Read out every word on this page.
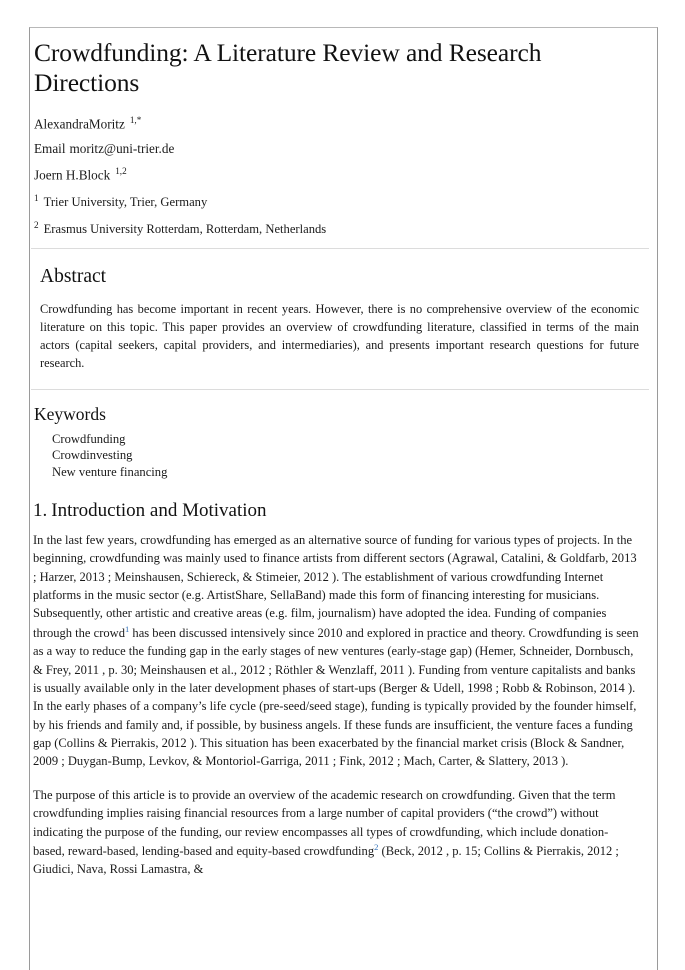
Crowdfunding: A Literature Review and Research Directions
AlexandraMoritz $^{1,*}$
Email moritz@uni-trier.de
Joern H.Block $^{1,2}$
$^1$ Trier University, Trier, Germany
$^2$ Erasmus University Rotterdam, Rotterdam, Netherlands
Abstract

Crowdfunding has become important in recent years. However, there is no comprehensive overview of the economic literature on this topic. This paper provides an overview of crowdfunding literature, classified in terms of the main actors (capital seekers, capital providers, and intermediaries), and presents important research questions for future research.

Keywords
Crowdfunding
Crowdinvesting
New venture financing
1. Introduction and Motivation

In the last few years, crowdfunding has emerged as an alternative source of funding for various types of projects. In the beginning, crowdfunding was mainly used to finance artists from different sectors (Agrawal, Catalini, & Goldfarb, 2013 ; Harzer, 2013 ; Meinshausen, Schiereck, & Stimeier, 2012 ). The establishment of various crowdfunding Internet platforms in the music sector (e.g. ArtistShare, SellaBand) made this form of financing interesting for musicians. Subsequently, other artistic and creative areas (e.g. film, journalism) have adopted the idea. Funding of companies through the crowd$^1$ has been discussed intensively since 2010 and explored in practice and theory. Crowdfunding is seen as a way to reduce the funding gap in the early stages of new ventures (early-stage gap) (Hemer, Schneider, Dornbusch, & Frey, 2011 , p. 30; Meinshausen et al., 2012 ; Röthler & Wenzlaff, 2011 ). Funding from venture capitalists and banks is usually available only in the later development phases of start-ups (Berger & Udell, 1998 ; Robb & Robinson, 2014 ). In the early phases of a company’s life cycle (pre-seed/seed stage), funding is typically provided by the founder himself, by his friends and family and, if possible, by business angels. If these funds are insufficient, the venture faces a funding gap (Collins & Pierrakis, 2012 ). This situation has been exacerbated by the financial market crisis (Block & Sandner, 2009 ; Duygan-Bump, Levkov, & Montoriol-Garriga, 2011 ; Fink, 2012 ; Mach, Carter, & Slattery, 2013 ).

The purpose of this article is to provide an overview of the academic research on crowdfunding. Given that the term crowdfunding implies raising financial resources from a large number of capital providers (“the crowd”) without indicating the purpose of the funding, our review encompasses all types of crowdfunding, which include donation-based, reward-based, lending-based and equity-based crowdfunding$^2$ (Beck, 2012 , p. 15; Collins & Pierrakis, 2012 ; Giudici, Nava, Rossi Lamastra, &
